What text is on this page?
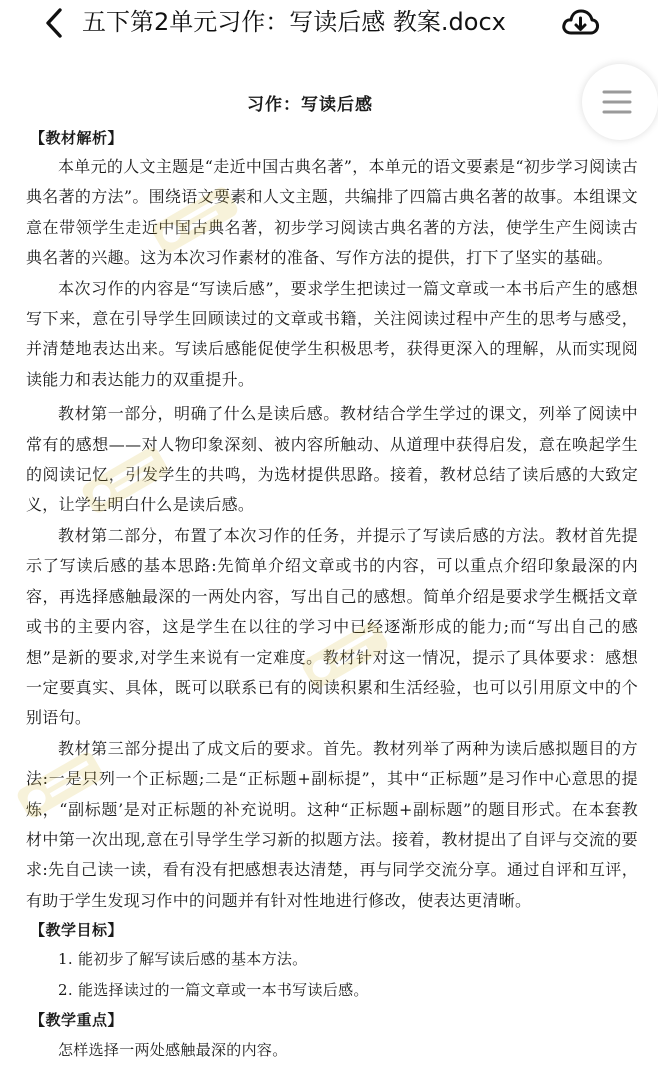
五下第2单元习作：写读后感 教案.docx
习作：写读后感
【教材解析】

本单元的人文主题是“走近中国古典名著”，本单元的语文要素是“初步学习阅读古典名著的方法”。围绕语文要素和人文主题，共编排了四篇古典名著的故事。本组课文意在带领学生走近中国古典名著，初步学习阅读古典名著的方法，使学生产生阅读古典名著的兴趣。这为本次习作素材的准备、写作方法的提供，打下了坚实的基础。

本次习作的内容是“写读后感”，要求学生把读过一篇文章或一本书后产生的感想写下来，意在引导学生回顾读过的文章或书籍，关注阅读过程中产生的思考与感受，并清楚地表达出来。写读后感能促使学生积极思考，获得更深入的理解，从而实现阅读能力和表达能力的双重提升。

教材第一部分，明确了什么是读后感。教材结合学生学过的课文，列举了阅读中常有的感想——对人物印象深刻、被内容所触动、从道理中获得启发，意在唤起学生的阅读记忆，引发学生的共鸣，为选材提供思路。接着，教材总结了读后感的大致定义，让学生明白什么是读后感。

教材第二部分，布置了本次习作的任务，并提示了写读后感的方法。教材首先提示了写读后感的基本思路:先简单介绍文章或书的内容，可以重点介绍印象最深的内容，再选择感触最深的一两处内容，写出自己的感想。简单介绍是要求学生概括文章或书的主要内容，这是学生在以往的学习中已经逐渐形成的能力;而“写出自己的感想”是新的要求,对学生来说有一定难度。教材针对这一情况，提示了具体要求：感想一定要真实、具体，既可以联系已有的阅读积累和生活经验，也可以引用原文中的个别语句。

教材第三部分提出了成文后的要求。首先。教材列举了两种为读后感拟题目的方法:一是只列一个正标题;二是“正标题+副标提”，其中“正标题”是习作中心意思的提炼，“副标题’是对正标题的补充说明。这种“正标题+副标题”的题目形式。在本套教材中第一次出现,意在引导学生学习新的拟题方法。接着，教材提出了自评与交流的要求:先自己读一读，看有没有把感想表达清楚，再与同学交流分享。通过自评和互评，有助于学生发现习作中的问题并有针对性地进行修改，使表达更清晰。

【教学目标】

1. 能初步了解写读后感的基本方法。

2. 能选择读过的一篇文章或一本书写读后感。

【教学重点】

怎样选择一两处感触最深的内容。
